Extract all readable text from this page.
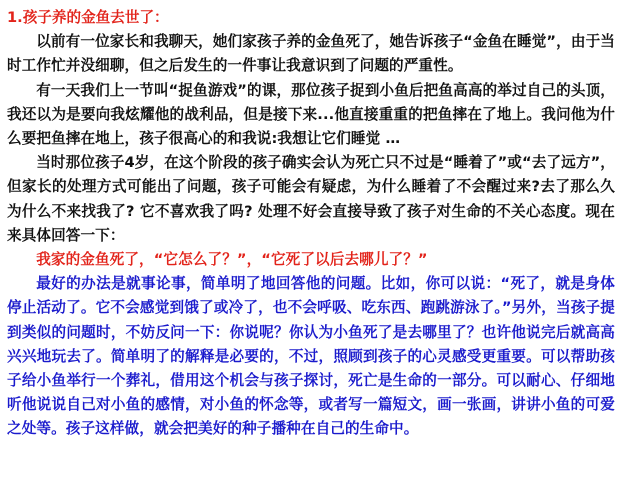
1.孩子养的金鱼去世了：

以前有一位家长和我聊天，她们家孩子养的金鱼死了，她告诉孩子“金鱼在睡觉”，由于当时工作忙并没细聊，但之后发生的一件事让我意识到了问题的严重性。

有一天我们上一节叫“捉鱼游戏”的课，那位孩子捉到小鱼后把鱼高高的举过自己的头顶，我还以为是要向我炫耀他的战利品，但是接下来...他直接重重的把鱼摔在了地上。我问他为什么要把鱼摔在地上，孩子很高心的和我说:我想让它们睡觉 …

当时那位孩子4岁，在这个阶段的孩子确实会认为死亡只不过是“睡着了”或“去了远方”，但家长的处理方式可能出了问题，孩子可能会有疑虑，为什么睡着了不会醒过来?去了那么久为什么不来找我了? 它不喜欢我了吗? 处理不好会直接导致了孩子对生命的不关心态度。现在来具体回答一下：

我家的金鱼死了，“它怎么了？”，“它死了以后去哪儿了？”

最好的办法是就事论事，简单明了地回答他的问题。比如，你可以说：“死了，就是身体停止活动了。它不会感觉到饿了或冷了，也不会呼吸、吃东西、跑跳游泳了。”另外，当孩子提到类似的问题时，不妨反问一下：你说呢？你认为小鱼死了是去哪里了？也许他说完后就高高兴兴地玩去了。简单明了的解释是必要的，不过，照顾到孩子的心灵感受更重要。可以帮助孩子给小鱼举行一个葬礼，借用这个机会与孩子探讨，死亡是生命的一部分。可以耐心、仔细地听他说说自己对小鱼的感情，对小鱼的怀念等，或者写一篇短文，画一张画，讲讲小鱼的可爱之处等。孩子这样做，就会把美好的种子播种在自己的生命中。
